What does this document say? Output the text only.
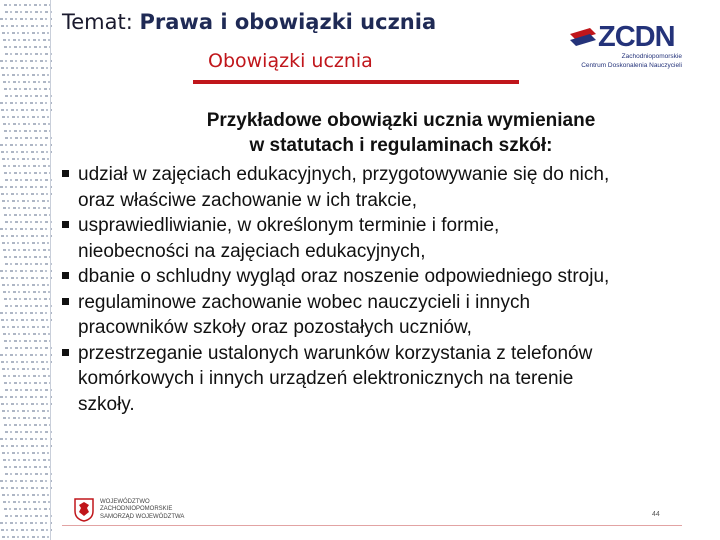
Temat: Prawa i obowiązki ucznia
Obowiązki ucznia
ZCDN
Zachodniopomorskie
Centrum Doskonalenia Nauczycieli
Przykładowe obowiązki ucznia wymieniane
w statutach i regulaminach szkół:
udział w zajęciach edukacyjnych, przygotowywanie się do nich,
oraz właściwe zachowanie w ich trakcie,
usprawiedliwianie, w określonym terminie i formie,
nieobecności na zajęciach edukacyjnych,
dbanie o schludny wygląd oraz noszenie odpowiedniego stroju,
regulaminowe zachowanie wobec nauczycieli i innych
pracowników szkoły oraz pozostałych uczniów,
przestrzeganie ustalonych warunków korzystania z telefonów
komórkowych i innych urządzeń elektronicznych na terenie
szkoły.
WOJEWÓDZTWO
ZACHODNIOPOMORSKIE
SAMORZĄD WOJEWÓDZTWA	44
